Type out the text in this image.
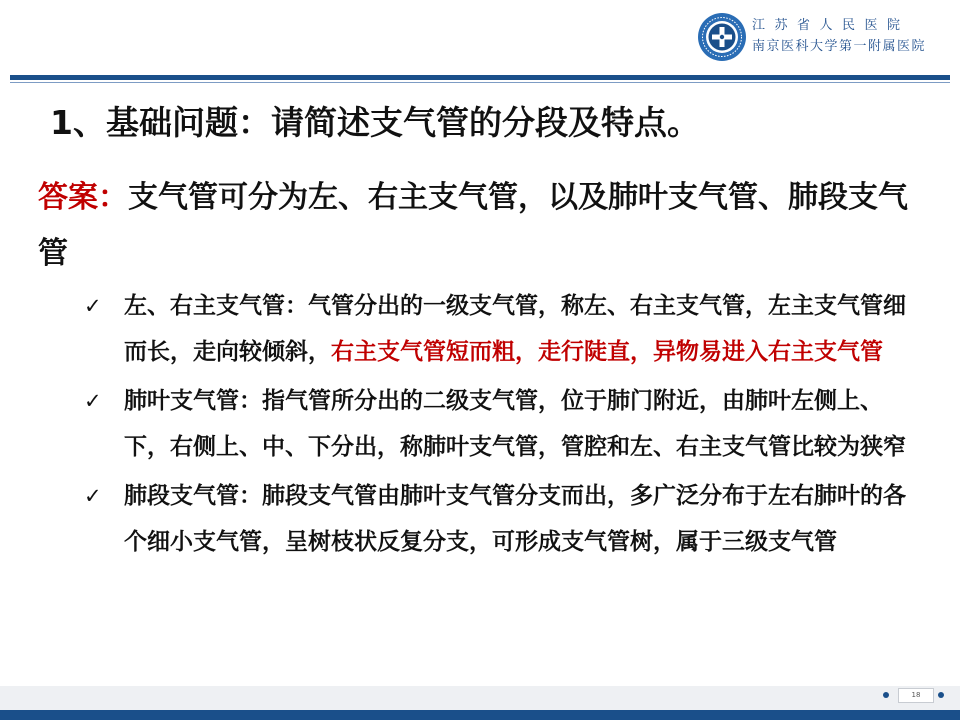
江苏省人民医院
南京医科大学第一附属医院
1、基础问题：请简述支气管的分段及特点。
答案：支气管可分为左、右主支气管，以及肺叶支气管、肺段支气管
✓ 左、右主支气管：气管分出的一级支气管，称左、右主支气管，左主支气管细而长，走向较倾斜，右主支气管短而粗，走行陡直，异物易进入右主支气管
✓ 肺叶支气管：指气管所分出的二级支气管，位于肺门附近，由肺叶左侧上、下，右侧上、中、下分出，称肺叶支气管，管腔和左、右主支气管比较为狭窄
✓ 肺段支气管：肺段支气管由肺叶支气管分支而出，多广泛分布于左右肺叶的各个细小支气管，呈树枝状反复分支，可形成支气管树，属于三级支气管
18
